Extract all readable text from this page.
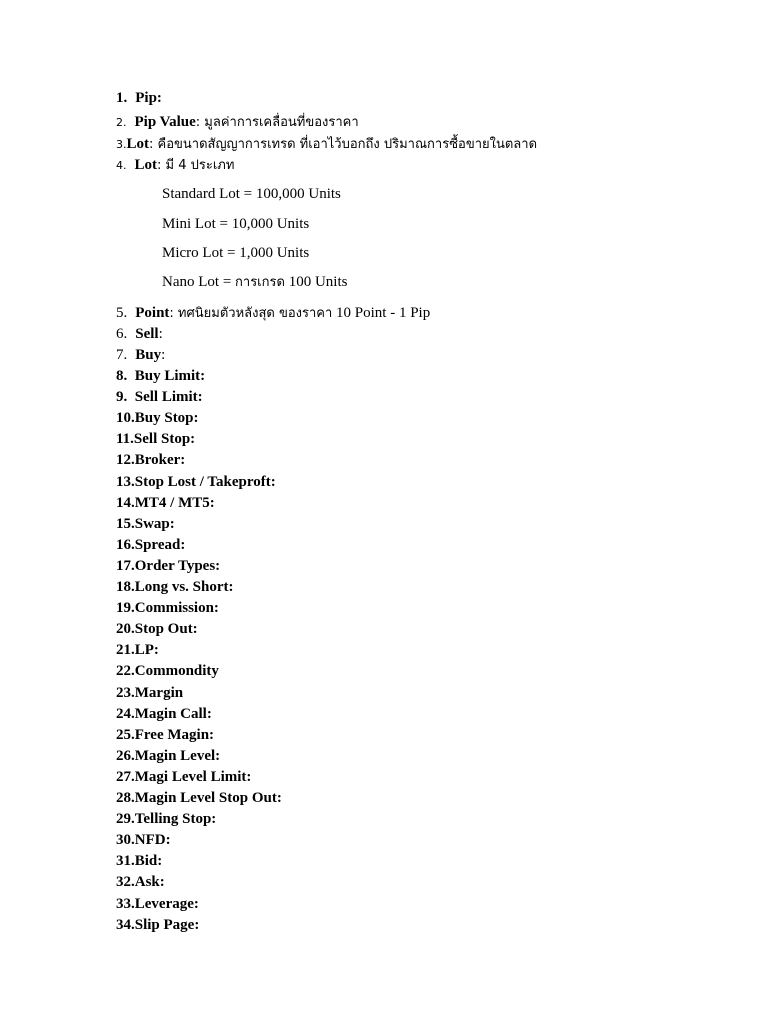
1. Pip:
2. Pip Value: มูลค่าการเคลื่อนที่ของราคา
3.Lot: คือขนาดสัญญาการเทรด ที่เอาไว้บอกถึง ปริมาณการซื้อขายในตลาด
4. Lot: มี 4 ประเภท
Standard Lot = 100,000 Units
Mini Lot = 10,000 Units
Micro Lot = 1,000 Units
Nano Lot = การเกรด 100 Units
5. Point: ทศนิยมตัวหลังสุด ของราคา 10 Point - 1 Pip
6. Sell:
7. Buy:
8.  Buy Limit:
9.  Sell Limit:
10.Buy Stop:
11.Sell Stop:
12.Broker:
13.Stop Lost / Takeproft:
14.MT4 / MT5:
15.Swap:
16.Spread:
17.Order Types:
18.Long vs. Short:
19.Commission:
20.Stop Out:
21.LP:
22.Commondity
23.Margin
24.Magin Call:
25.Free Magin:
26.Magin Level:
27.Magi Level Limit:
28.Magin Level Stop Out:
29.Telling Stop:
30.NFD:
31.Bid:
32.Ask:
33.Leverage:
34.Slip Page:
